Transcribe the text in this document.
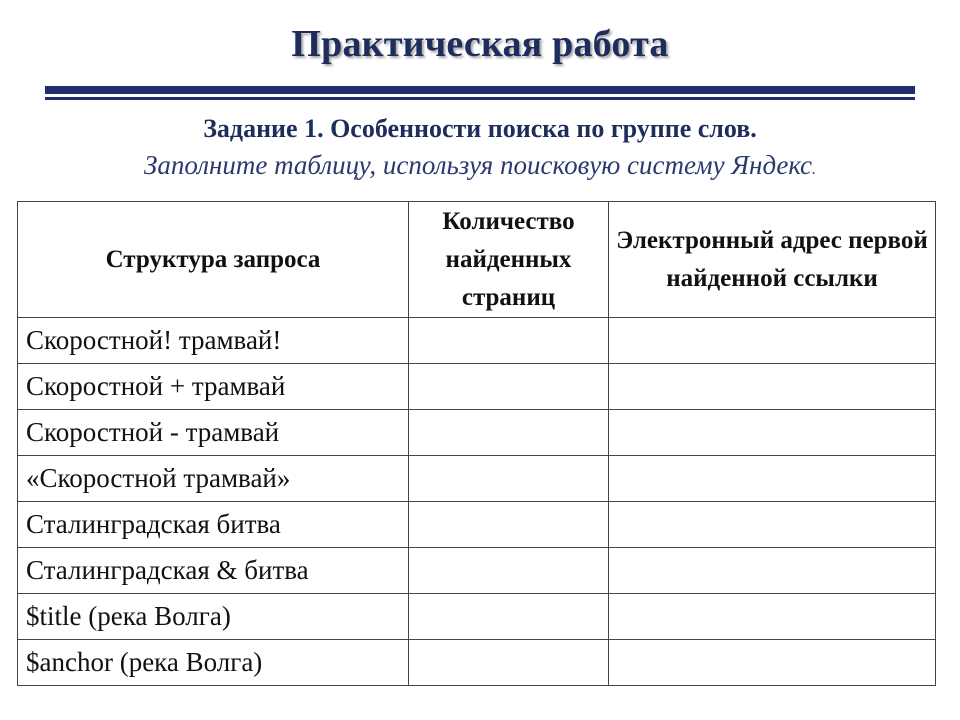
Практическая работа
Задание 1. Особенности поиска по группе слов.
Заполните таблицу, используя поисковую систему Яндекс.
Структура запроса	Количество найденных страниц	Электронный адрес первой найденной ссылки
Скоростной! трамвай!		
Скоростной + трамвай		
Скоростной - трамвай		
«Скоростной трамвай»		
Сталинградская битва		
Сталинградская & битва		
$title (река Волга)		
$anchor (река Волга)		
